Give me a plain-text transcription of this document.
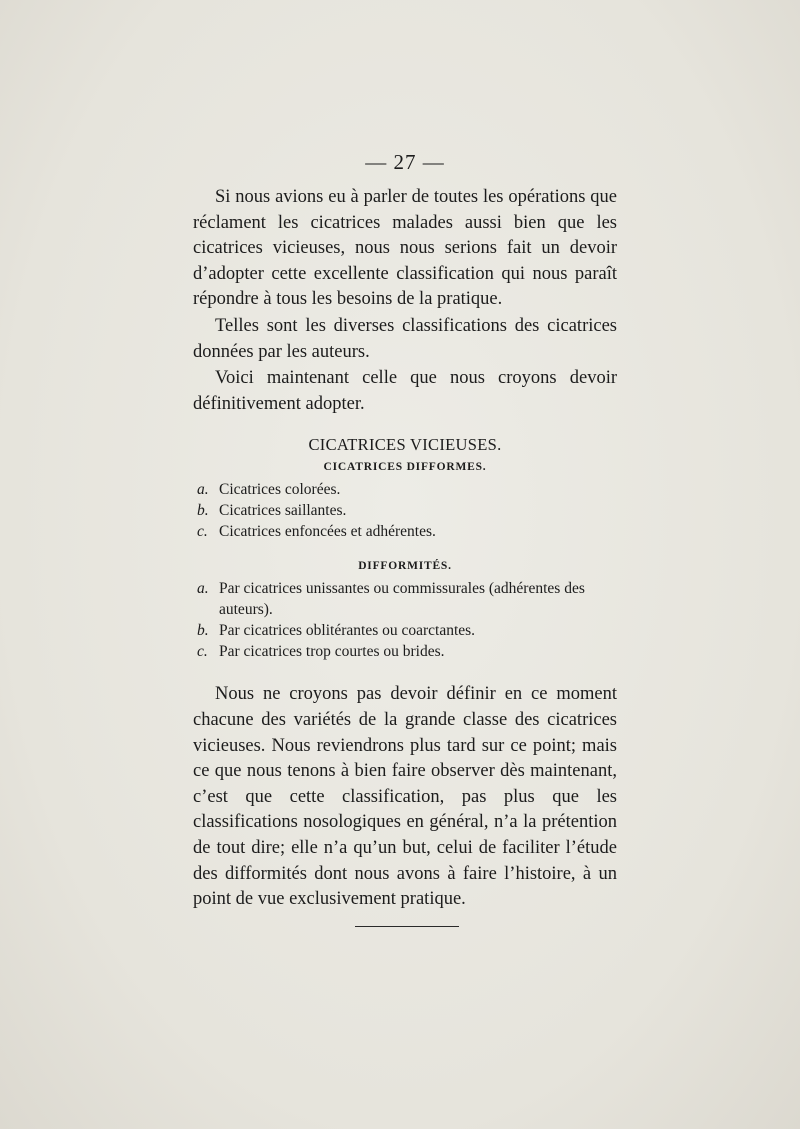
— 27 —

Si nous avions eu à parler de toutes les opérations que réclament les cicatrices malades aussi bien que les cicatrices vicieuses, nous nous serions fait un devoir d’adopter cette excellente classification qui nous paraît répondre à tous les besoins de la pratique.

Telles sont les diverses classifications des cicatrices données par les auteurs.

Voici maintenant celle que nous croyons devoir définitivement adopter.

CICATRICES VICIEUSES.
CICATRICES DIFFORMES.
a. Cicatrices colorées.
b. Cicatrices saillantes.
c. Cicatrices enfoncées et adhérentes.
DIFFORMITÉS.
a. Par cicatrices unissantes ou commissurales (adhérentes des auteurs).
b. Par cicatrices oblitérantes ou coarctantes.
c. Par cicatrices trop courtes ou brides.

Nous ne croyons pas devoir définir en ce moment chacune des variétés de la grande classe des cicatrices vicieuses. Nous reviendrons plus tard sur ce point; mais ce que nous tenons à bien faire observer dès maintenant, c’est que cette classification, pas plus que les classifications nosologiques en général, n’a la prétention de tout dire; elle n’a qu’un but, celui de faciliter l’étude des difformités dont nous avons à faire l’histoire, à un point de vue exclusivement pratique.
